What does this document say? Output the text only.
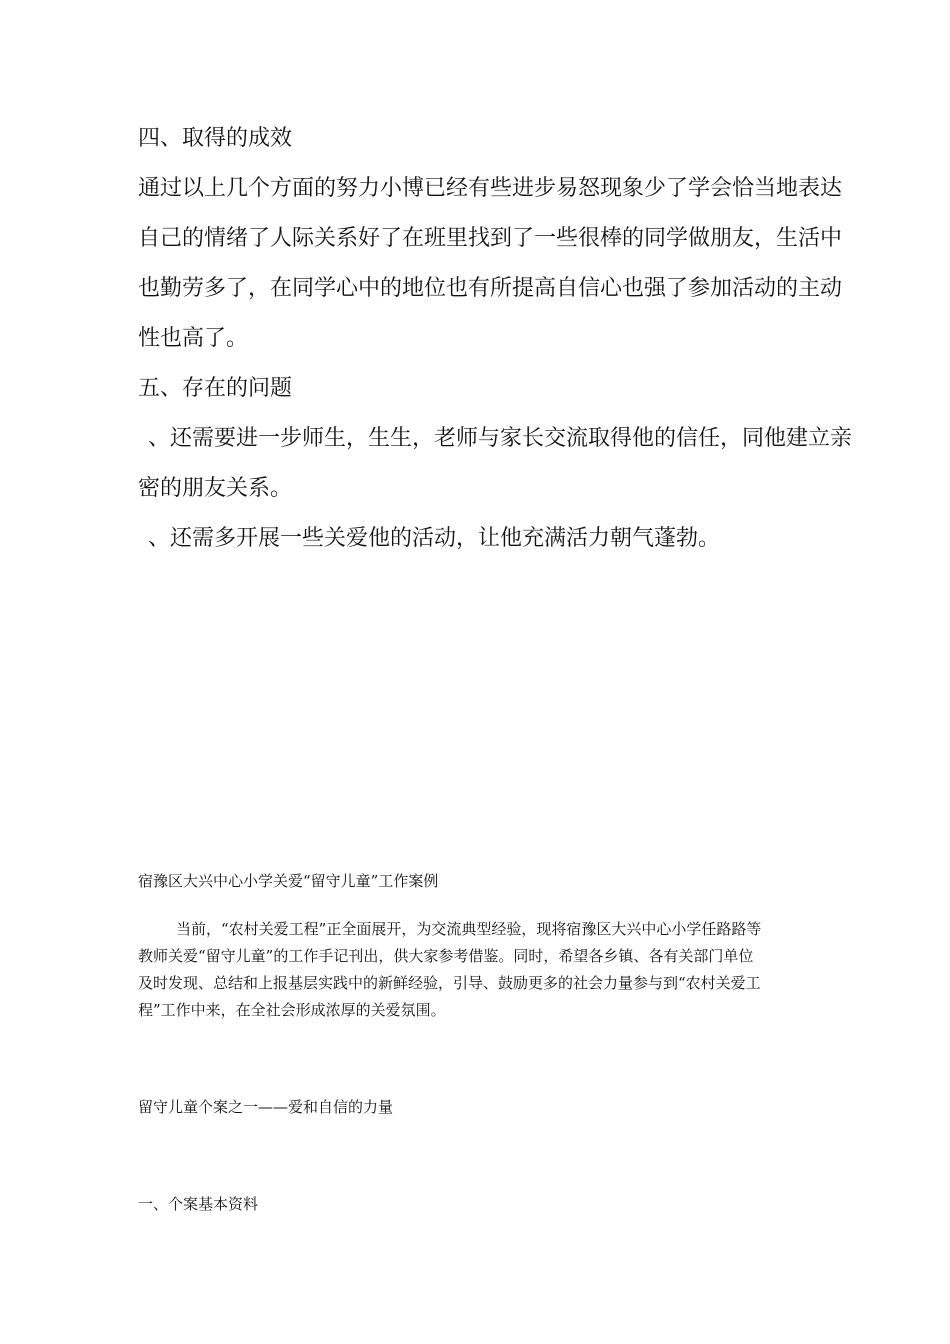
四、取得的成效
通过以上几个方面的努力小博已经有些进步易怒现象少了学会恰当地表达
自己的情绪了人际关系好了在班里找到了一些很棒的同学做朋友，生活中
也勤劳多了，在同学心中的地位也有所提高自信心也强了参加活动的主动
性也高了。
五、存在的问题
、还需要进一步师生，生生，老师与家长交流取得他的信任，同他建立亲
密的朋友关系。
、还需多开展一些关爱他的活动，让他充满活力朝气蓬勃。
宿豫区大兴中心小学关爱“留守儿童”工作案例
当前，“农村关爱工程”正全面展开，为交流典型经验，现将宿豫区大兴中心小学任路路等
教师关爱“留守儿童”的工作手记刊出，供大家参考借鉴。同时，希望各乡镇、各有关部门单位
及时发现、总结和上报基层实践中的新鲜经验，引导、鼓励更多的社会力量参与到“农村关爱工
程”工作中来，在全社会形成浓厚的关爱氛围。
留守儿童个案之一——爱和自信的力量
一、个案基本资料
